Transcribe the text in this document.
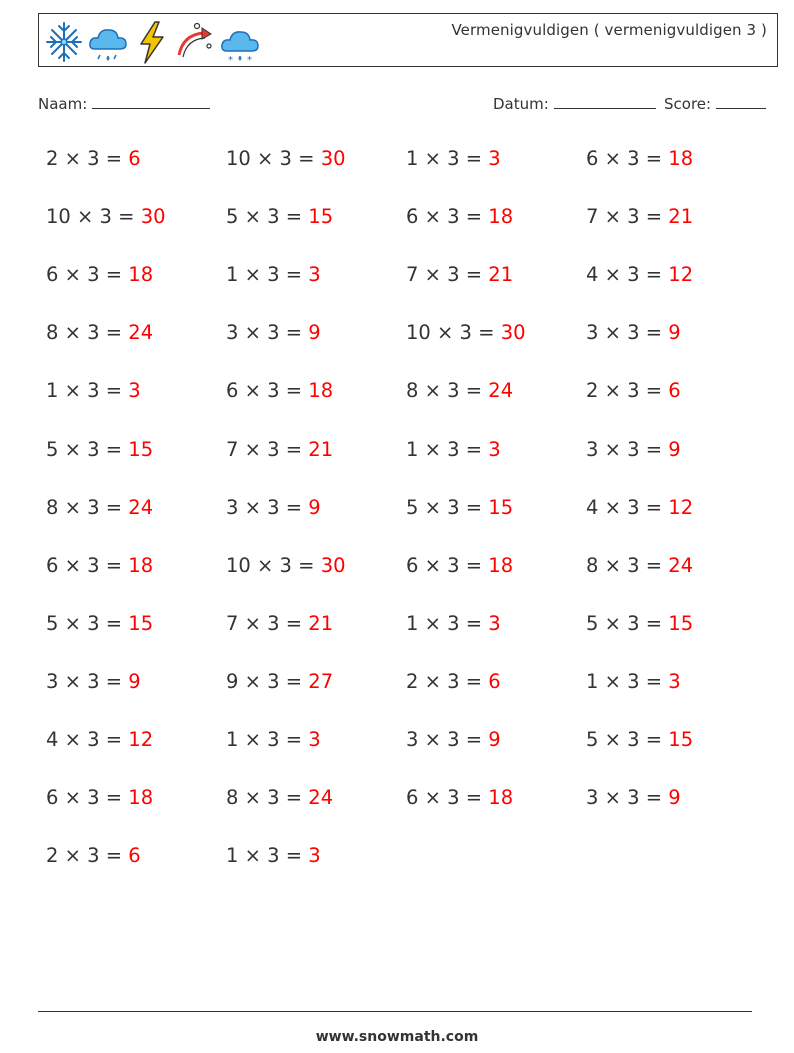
* *
Vermenigvuldigen ( vermenigvuldigen 3 )
Naam:	Datum:	Score:
2 × 3 = 6	10 × 3 = 30	1 × 3 = 3	6 × 3 = 18
10 × 3 = 30	5 × 3 = 15	6 × 3 = 18	7 × 3 = 21
6 × 3 = 18	1 × 3 = 3	7 × 3 = 21	4 × 3 = 12
8 × 3 = 24	3 × 3 = 9	10 × 3 = 30	3 × 3 = 9
1 × 3 = 3	6 × 3 = 18	8 × 3 = 24	2 × 3 = 6
5 × 3 = 15	7 × 3 = 21	1 × 3 = 3	3 × 3 = 9
8 × 3 = 24	3 × 3 = 9	5 × 3 = 15	4 × 3 = 12
6 × 3 = 18	10 × 3 = 30	6 × 3 = 18	8 × 3 = 24
5 × 3 = 15	7 × 3 = 21	1 × 3 = 3	5 × 3 = 15
3 × 3 = 9	9 × 3 = 27	2 × 3 = 6	1 × 3 = 3
4 × 3 = 12	1 × 3 = 3	3 × 3 = 9	5 × 3 = 15
6 × 3 = 18	8 × 3 = 24	6 × 3 = 18	3 × 3 = 9
2 × 3 = 6	1 × 3 = 3
www.snowmath.com
